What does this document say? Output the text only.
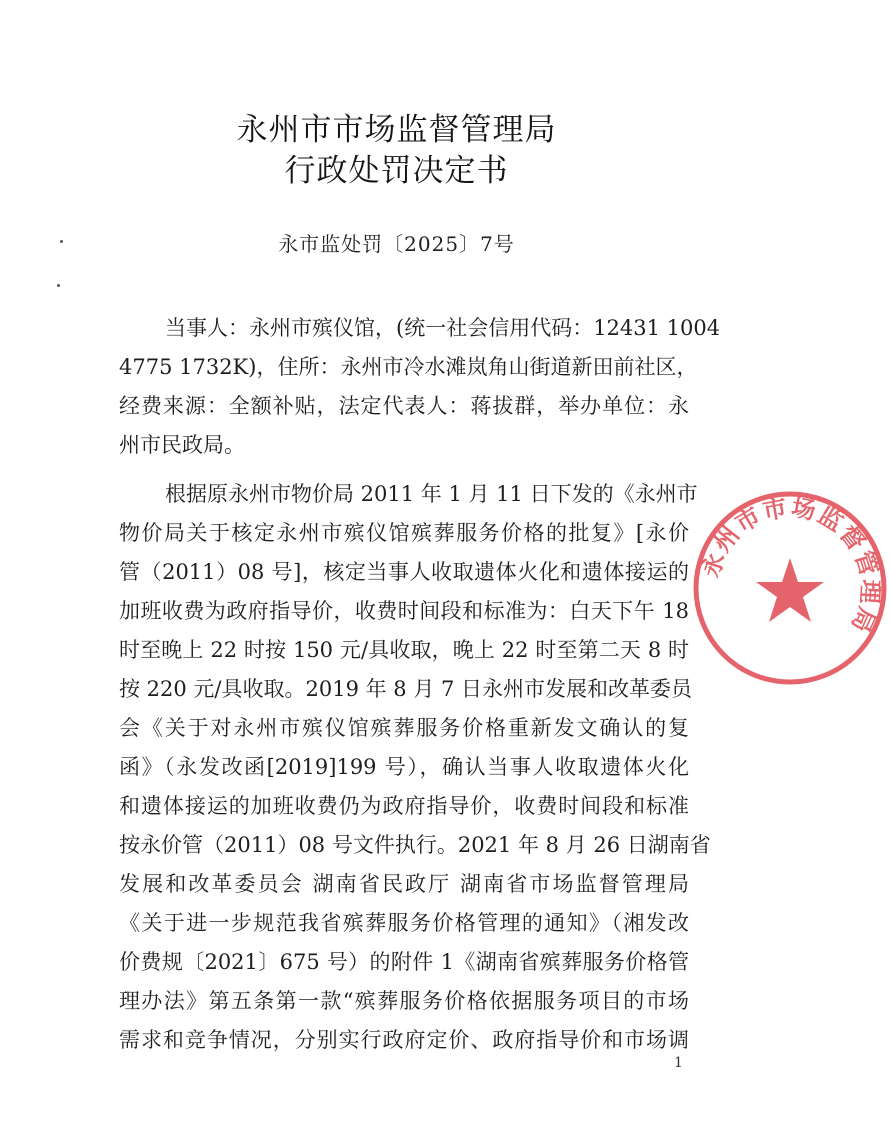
永州市市场监督管理局
行政处罚决定书
永市监处罚〔2025〕7号
当事人：永州市殡仪馆，(统一社会信用代码：12431 1004
4775 1732K)，住所：永州市冷水滩岚角山街道新田前社区，
经费来源：全额补贴，法定代表人：蒋拔群，举办单位：永
州市民政局。
根据原永州市物价局 2011 年 1 月 11 日下发的《永州市
物价局关于核定永州市殡仪馆殡葬服务价格的批复》[永价
管（2011）08 号]，核定当事人收取遗体火化和遗体接运的
加班收费为政府指导价，收费时间段和标准为：白天下午 18
时至晚上 22 时按 150 元/具收取，晚上 22 时至第二天 8 时
按 220 元/具收取。2019 年 8 月 7 日永州市发展和改革委员
会《关于对永州市殡仪馆殡葬服务价格重新发文确认的复
函》（永发改函[2019]199 号），确认当事人收取遗体火化
和遗体接运的加班收费仍为政府指导价，收费时间段和标准
按永价管（2011）08 号文件执行。2021 年 8 月 26 日湖南省
发展和改革委员会 湖南省民政厅 湖南省市场监督管理局
《关于进一步规范我省殡葬服务价格管理的通知》（湘发改
价费规〔2021〕675 号）的附件 1《湖南省殡葬服务价格管
理办法》第五条第一款“殡葬服务价格依据服务项目的市场
需求和竞争情况，分别实行政府定价、政府指导价和市场调
永州市市场监督管理局
1
